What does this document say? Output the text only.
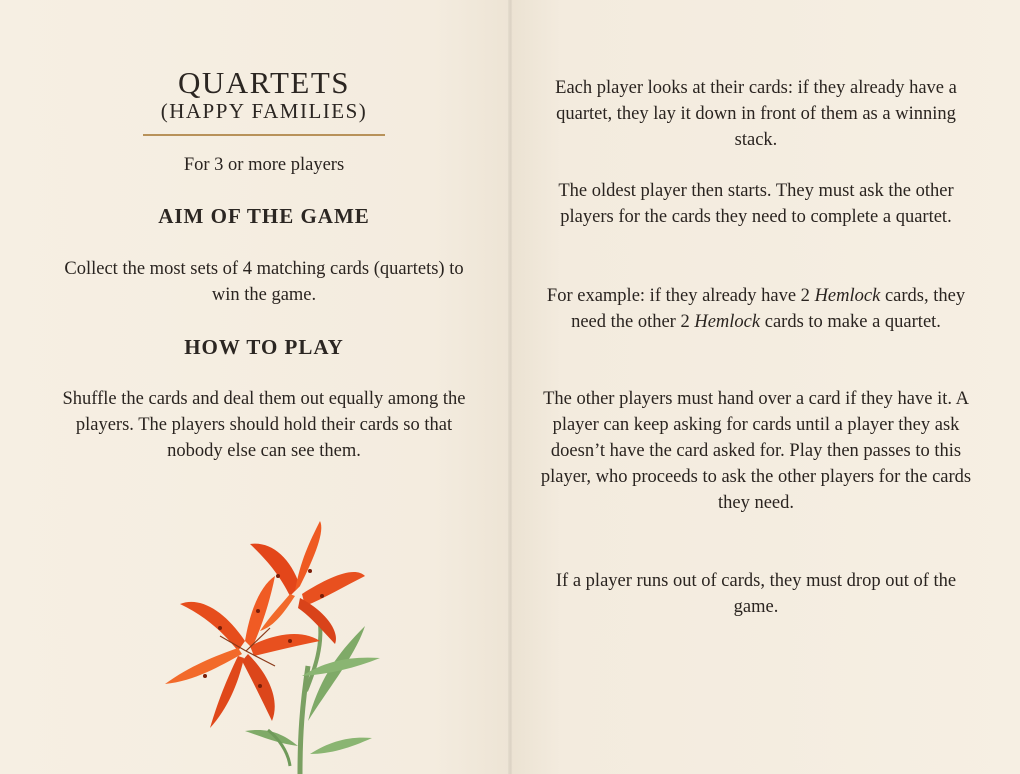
QUARTETS
(HAPPY FAMILIES)
For 3 or more players
AIM OF THE GAME
Collect the most sets of 4 matching cards (quartets) to win the game.
HOW TO PLAY
Shuffle the cards and deal them out equally among the players. The players should hold their cards so that nobody else can see them.
Each player looks at their cards: if they already have a quartet, they lay it down in front of them as a winning stack.
The oldest player then starts. They must ask the other players for the cards they need to complete a quartet.
For example: if they already have 2 Hemlock cards, they need the other 2 Hemlock cards to make a quartet.
The other players must hand over a card if they have it. A player can keep asking for cards until a player they ask doesn’t have the card asked for. Play then passes to this player, who proceeds to ask the other players for the cards they need.
If a player runs out of cards, they must drop out of the game.
